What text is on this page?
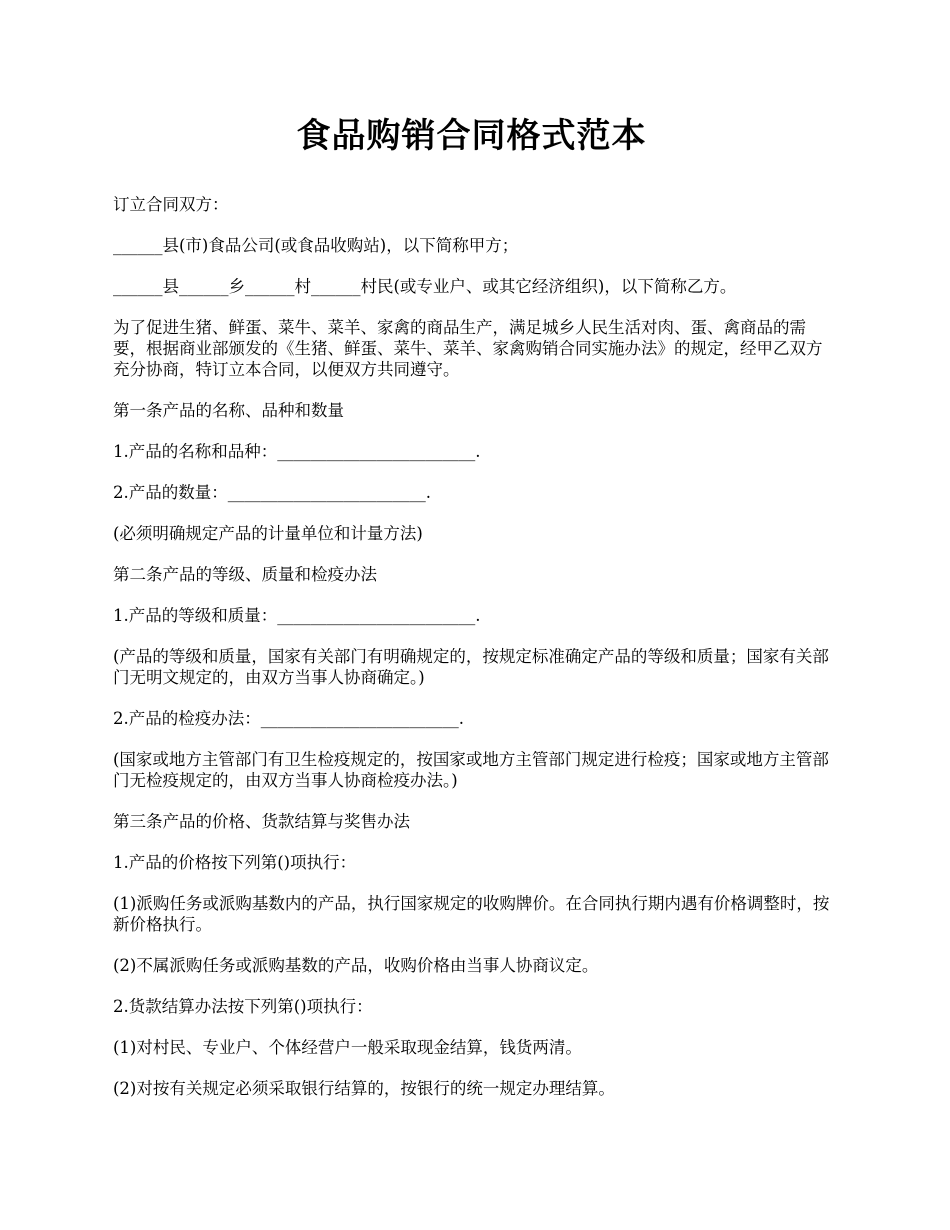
食品购销合同格式范本

订立合同双方：

______县(市)食品公司(或食品收购站)，以下简称甲方；

______县______乡______村______村民(或专业户、或其它经济组织)，以下简称乙方。

为了促进生猪、鲜蛋、菜牛、菜羊、家禽的商品生产，满足城乡人民生活对肉、蛋、禽商品的需要，根据商业部颁发的《生猪、鲜蛋、菜牛、菜羊、家禽购销合同实施办法》的规定，经甲乙双方充分协商，特订立本合同，以便双方共同遵守。

第一条产品的名称、品种和数量

1.产品的名称和品种：________________________.

2.产品的数量：________________________.

(必须明确规定产品的计量单位和计量方法)

第二条产品的等级、质量和检疫办法

1.产品的等级和质量：________________________.

(产品的等级和质量，国家有关部门有明确规定的，按规定标准确定产品的等级和质量；国家有关部门无明文规定的，由双方当事人协商确定。)

2.产品的检疫办法：________________________.

(国家或地方主管部门有卫生检疫规定的，按国家或地方主管部门规定进行检疫；国家或地方主管部门无检疫规定的，由双方当事人协商检疫办法。)

第三条产品的价格、货款结算与奖售办法

1.产品的价格按下列第()项执行：

(1)派购任务或派购基数内的产品，执行国家规定的收购牌价。在合同执行期内遇有价格调整时，按新价格执行。

(2)不属派购任务或派购基数的产品，收购价格由当事人协商议定。

2.货款结算办法按下列第()项执行：

(1)对村民、专业户、个体经营户一般采取现金结算，钱货两清。

(2)对按有关规定必须采取银行结算的，按银行的统一规定办理结算。
